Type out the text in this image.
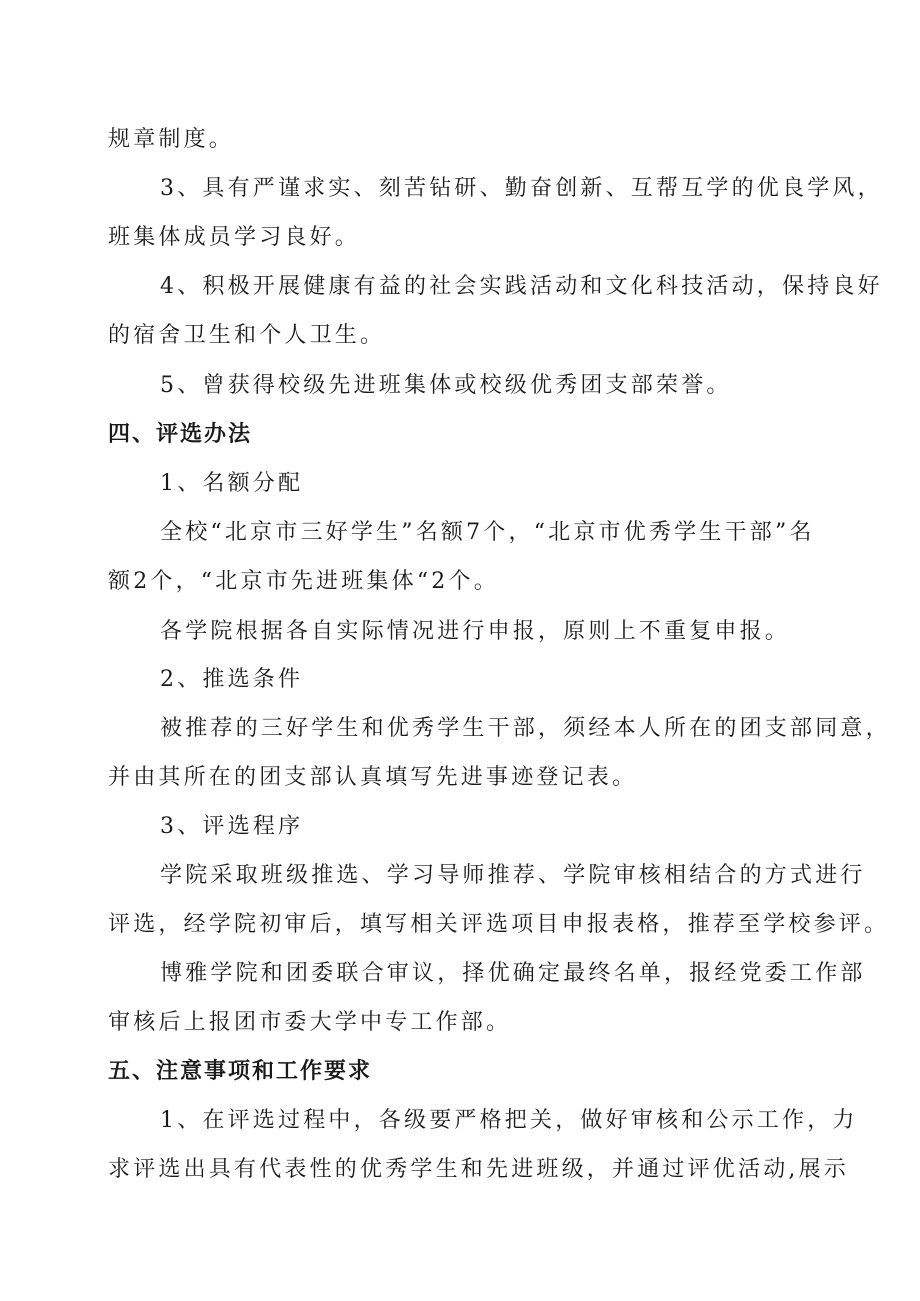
规章制度。
3、具有严谨求实、刻苦钻研、勤奋创新、互帮互学的优良学风，
班集体成员学习良好。
4、积极开展健康有益的社会实践活动和文化科技活动，保持良好
的宿舍卫生和个人卫生。
5、曾获得校级先进班集体或校级优秀团支部荣誉。
四、评选办法
1、名额分配
全校“北京市三好学生”名额7个，“北京市优秀学生干部”名
额2个，“北京市先进班集体“2个。
各学院根据各自实际情况进行申报，原则上不重复申报。
2、推选条件
被推荐的三好学生和优秀学生干部，须经本人所在的团支部同意，
并由其所在的团支部认真填写先进事迹登记表。
3、评选程序
学院采取班级推选、学习导师推荐、学院审核相结合的方式进行
评选，经学院初审后，填写相关评选项目申报表格，推荐至学校参评。
博雅学院和团委联合审议，择优确定最终名单，报经党委工作部
审核后上报团市委大学中专工作部。
五、注意事项和工作要求
1、在评选过程中，各级要严格把关，做好审核和公示工作，力
求评选出具有代表性的优秀学生和先进班级，并通过评优活动,展示
